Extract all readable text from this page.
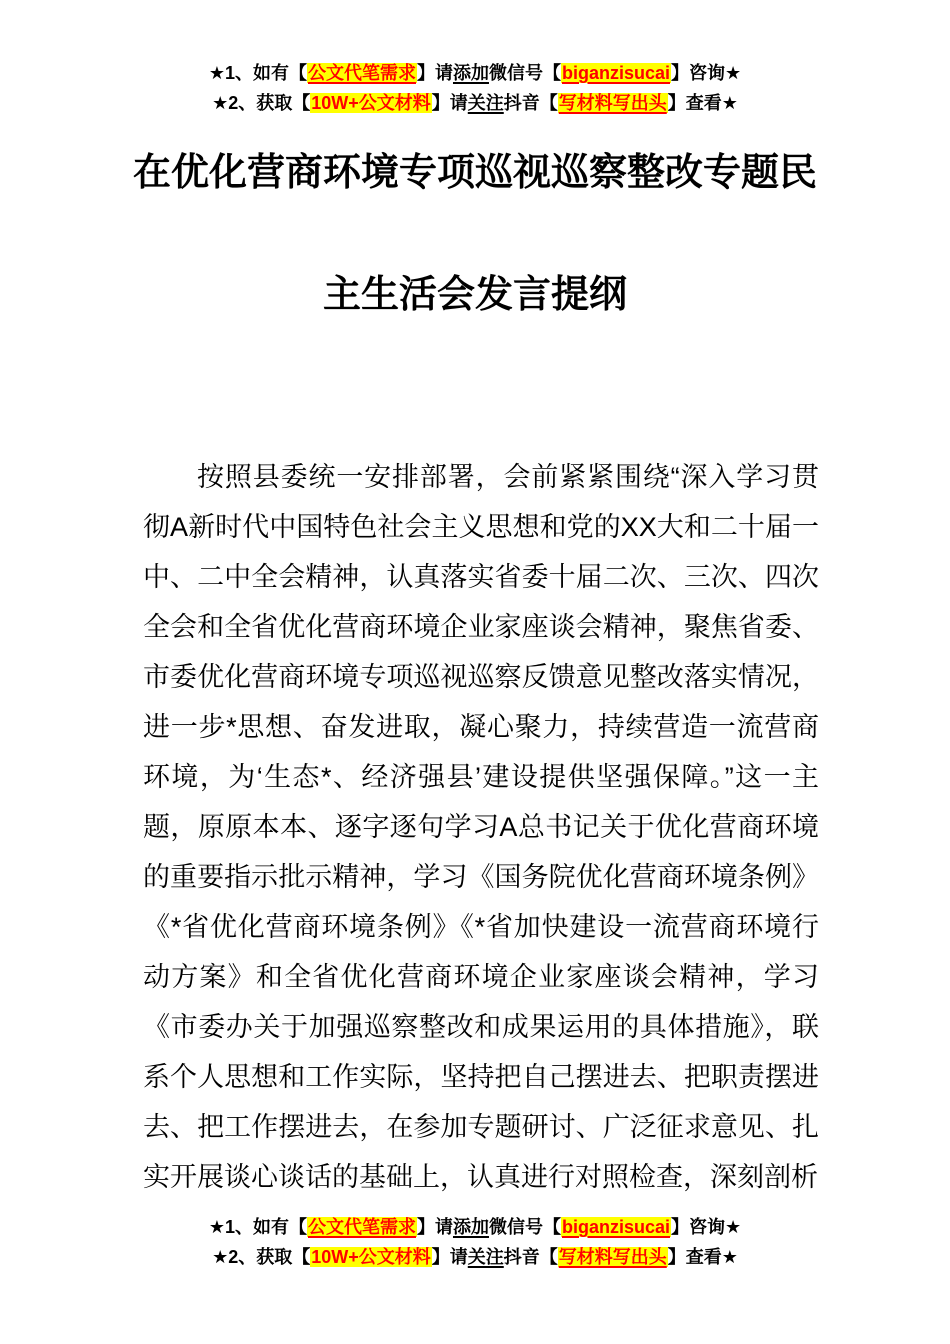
★1、如有【公文代笔需求】请添加微信号【biganzisucai】咨询★
★2、获取【10W+公文材料】请关注抖音【写材料写出头】查看★
在优化营商环境专项巡视巡察整改专题民
主生活会发言提纲

按照县委统一安排部署，会前紧紧围绕“深入学习贯彻A新时代中国特色社会主义思想和党的XX大和二十届一中、二中全会精神，认真落实省委十届二次、三次、四次全会和全省优化营商环境企业家座谈会精神，聚焦省委、市委优化营商环境专项巡视巡察反馈意见整改落实情况，进一步*思想、奋发进取，凝心聚力，持续营造一流营商环境，为‘生态*、经济强县’建设提供坚强保障。”这一主题，原原本本、逐字逐句学习A总书记关于优化营商环境的重要指示批示精神，学习《国务院优化营商环境条例》《*省优化营商环境条例》《*省加快建设一流营商环境行动方案》和全省优化营商环境企业家座谈会精神，学习《市委办关于加强巡察整改和成果运用的具体措施》，联系个人思想和工作实际，坚持把自己摆进去、把职责摆进去、把工作摆进去，在参加专题研讨、广泛征求意见、扎实开展谈心谈话的基础上，认真进行对照检查，深刻剖析

★1、如有【公文代笔需求】请添加微信号【biganzisucai】咨询★
★2、获取【10W+公文材料】请关注抖音【写材料写出头】查看★
